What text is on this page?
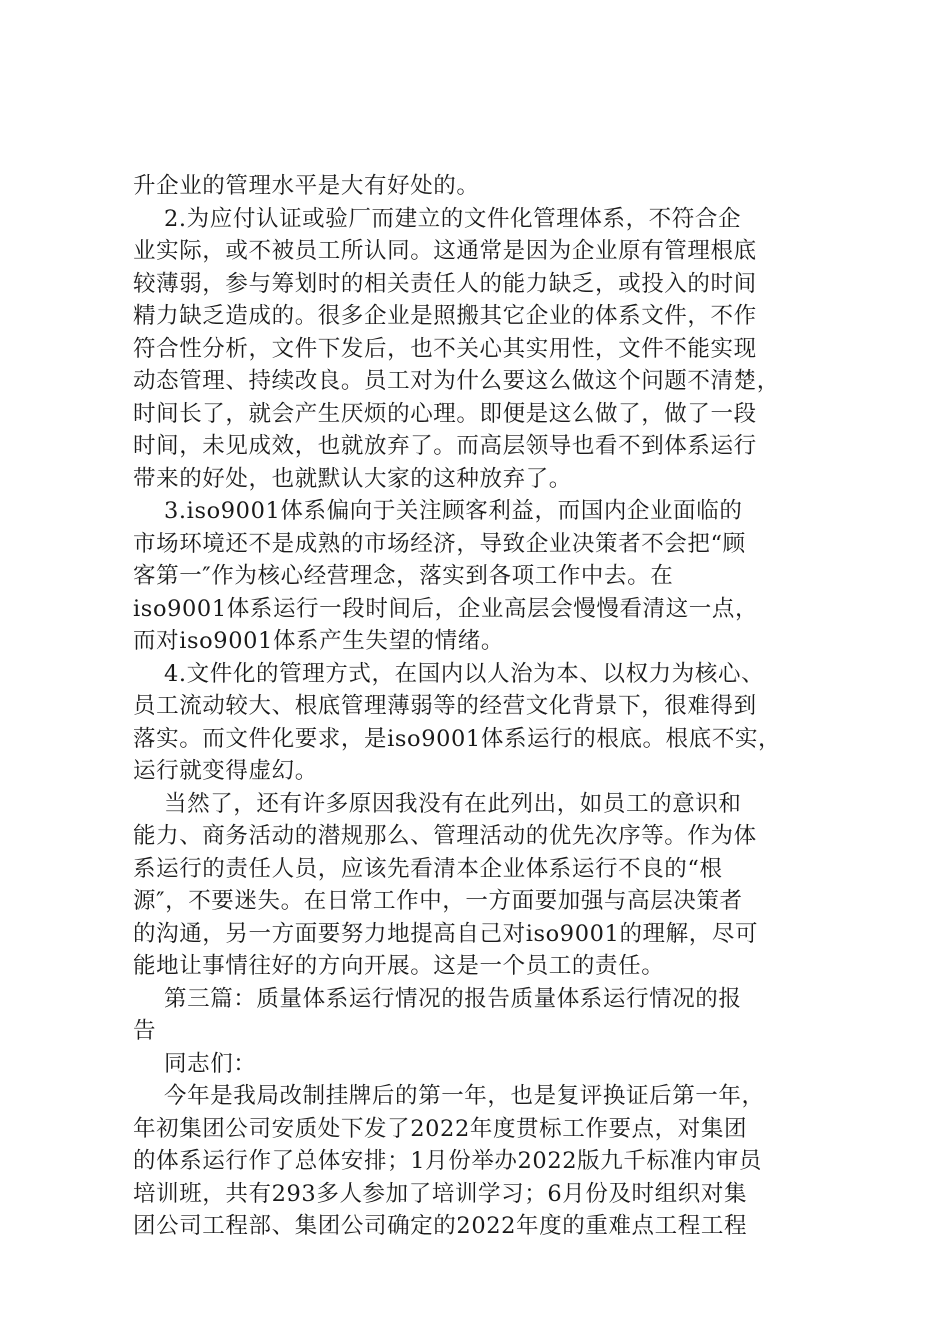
升企业的管理水平是大有好处的。
2.为应付认证或验厂而建立的文件化管理体系，不符合企
业实际，或不被员工所认同。这通常是因为企业原有管理根底
较薄弱，参与筹划时的相关责任人的能力缺乏，或投入的时间
精力缺乏造成的。很多企业是照搬其它企业的体系文件，不作
符合性分析，文件下发后，也不关心其实用性，文件不能实现
动态管理、持续改良。员工对为什么要这么做这个问题不清楚，
时间长了，就会产生厌烦的心理。即便是这么做了，做了一段
时间，未见成效，也就放弃了。而高层领导也看不到体系运行
带来的好处，也就默认大家的这种放弃了。
3.iso9001体系偏向于关注顾客利益，而国内企业面临的
市场环境还不是成熟的市场经济，导致企业决策者不会把“顾
客第一″作为核心经营理念，落实到各项工作中去。在
iso9001体系运行一段时间后，企业高层会慢慢看清这一点，
而对iso9001体系产生失望的情绪。
4.文件化的管理方式，在国内以人治为本、以权力为核心、
员工流动较大、根底管理薄弱等的经营文化背景下，很难得到
落实。而文件化要求，是iso9001体系运行的根底。根底不实，
运行就变得虚幻。
当然了，还有许多原因我没有在此列出，如员工的意识和
能力、商务活动的潜规那么、管理活动的优先次序等。作为体
系运行的责任人员，应该先看清本企业体系运行不良的“根
源″，不要迷失。在日常工作中，一方面要加强与高层决策者
的沟通，另一方面要努力地提高自己对iso9001的理解，尽可
能地让事情往好的方向开展。这是一个员工的责任。
第三篇：质量体系运行情况的报告质量体系运行情况的报
告
同志们：
今年是我局改制挂牌后的第一年，也是复评换证后第一年，
年初集团公司安质处下发了2022年度贯标工作要点，对集团
的体系运行作了总体安排；1月份举办2022版九千标准内审员
培训班，共有293多人参加了培训学习；6月份及时组织对集
团公司工程部、集团公司确定的2022年度的重难点工程工程
